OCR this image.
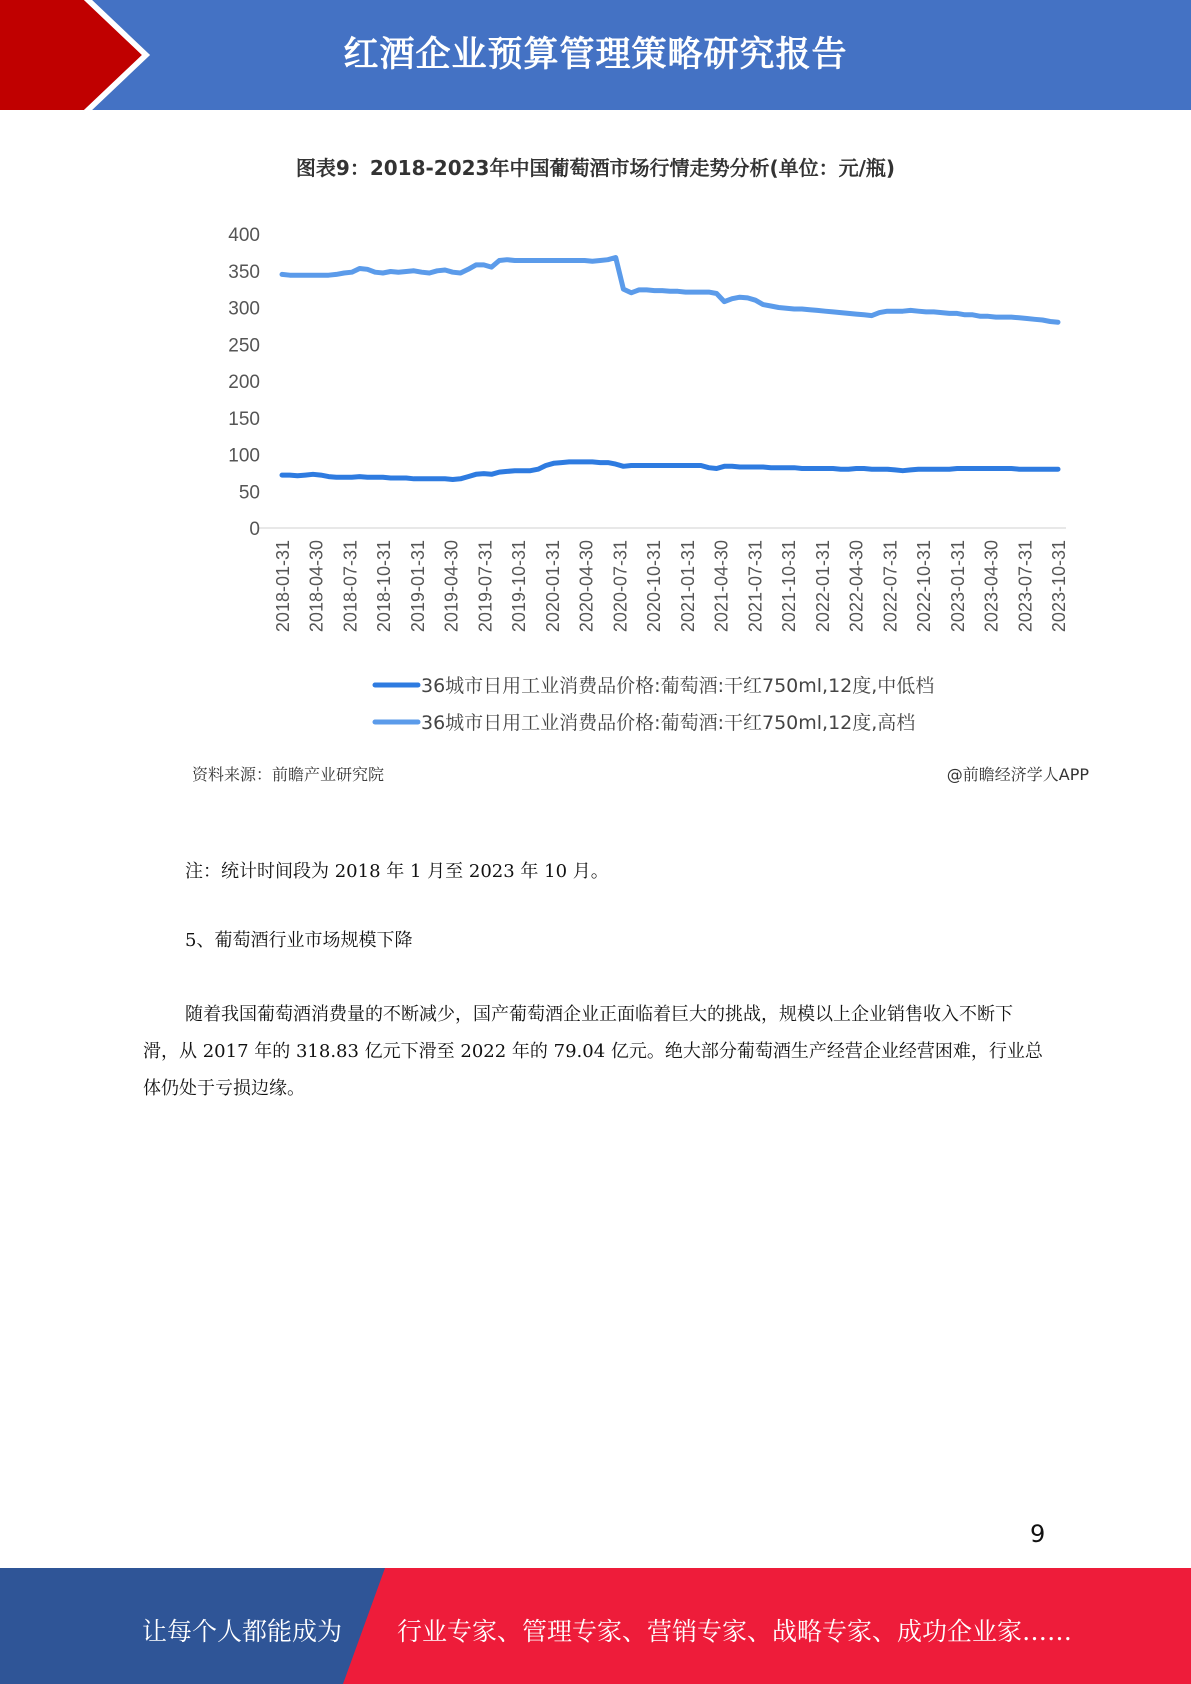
红酒企业预算管理策略研究报告
图表9：2018-2023年中国葡萄酒市场行情走势分析(单位：元/瓶)
0
50
100
150
200
250
300
350
400
2018-01-31 2018-04-30 2018-07-31 2018-10-31 2019-01-31 2019-04-30 2019-07-31 2019-10-31 2020-01-31 2020-04-30 2020-07-31 2020-10-31 2021-01-31 2021-04-30 2021-07-31 2021-10-31 2022-01-31 2022-04-30 2022-07-31 2022-10-31 2023-01-31 2023-04-30 2023-07-31 2023-10-31
36城市日用工业消费品价格:葡萄酒:干红750ml,12度,中低档
36城市日用工业消费品价格:葡萄酒:干红750ml,12度,高档
资料来源：前瞻产业研究院	@前瞻经济学人APP
注：统计时间段为 2018 年 1 月至 2023 年 10 月。
5、葡萄酒行业市场规模下降
随着我国葡萄酒消费量的不断减少，国产葡萄酒企业正面临着巨大的挑战，规模以上企业销售收入不断下滑，从 2017 年的 318.83 亿元下滑至 2022 年的 79.04 亿元。绝大部分葡萄酒生产经营企业经营困难，行业总体仍处于亏损边缘。
9
让每个人都能成为 行业专家、管理专家、营销专家、战略专家、成功企业家……
